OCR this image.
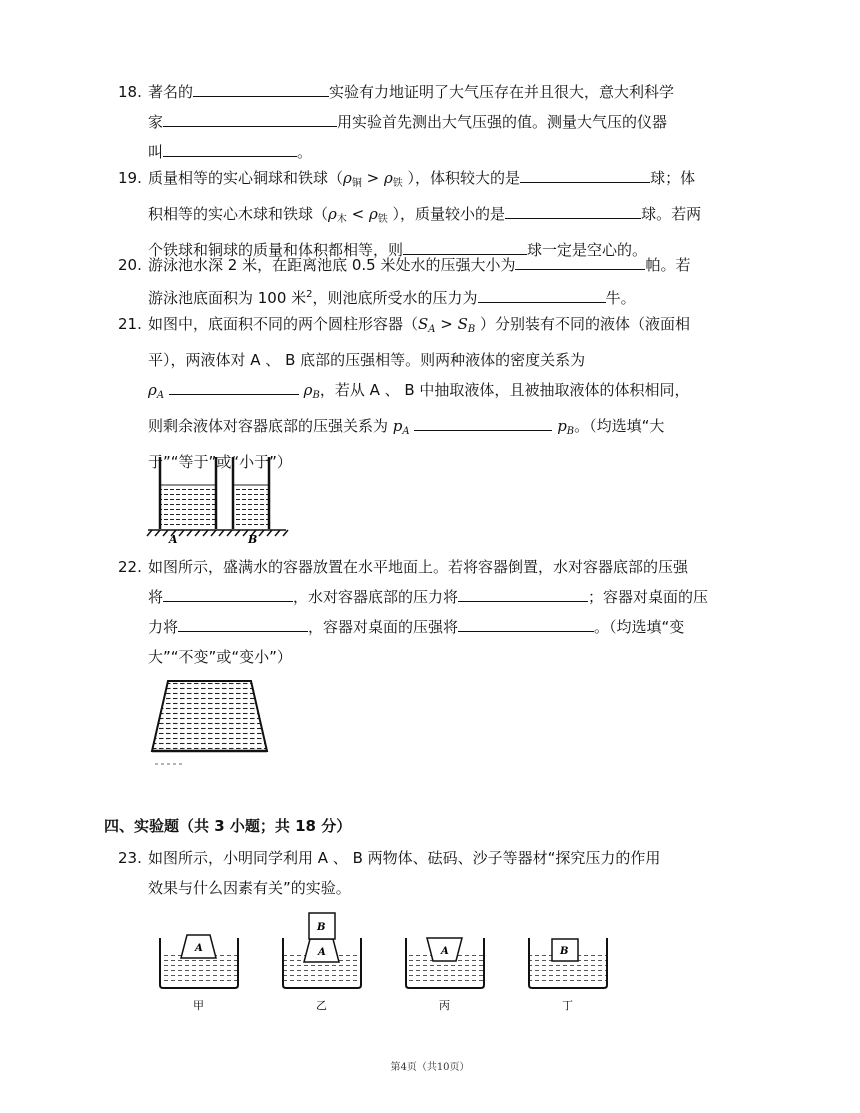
18. 著名的	实验有力地证明了大气压存在并且很大，意大利科学
家	用实验首先测出大气压强的值。测量大气压的仪器
叫	。
19. 质量相等的实心铜球和铁球（$\rho_铜 > \rho_铁$ ），体积较大的是	球；体
积相等的实心木球和铁球（$\rho_木 < \rho_铁$ ），质量较小的是	球。若两
个铁球和铜球的质量和体积都相等，则	球一定是空心的。
20. 游泳池水深 2 米，在距离池底 0.5 米处水的压强大小为	帕。若
游泳池底面积为 100 米$^2$，则池底所受水的压力为	牛。
21. 如图中，底面积不同的两个圆柱形容器（$S_A > S_B$ ）分别装有不同的液体（液面相
平），两液体对 A 、 B 底部的压强相等。则两种液体的密度关系为
$\rho_A$	$\rho_B$，若从 A 、 B 中抽取液体，且被抽取液体的体积相同，
则剩余液体对容器底部的压强关系为 $p_A$	$p_B$。（均选填“大
于”“等于”或“小于”）
A	B
22. 如图所示，盛满水的容器放置在水平地面上。若将容器倒置，水对容器底部的压强
将	，水对容器底部的压力将	；容器对桌面的压
力将	，容器对桌面的压强将	。（均选填“变
大”“不变”或“变小”）
四、实验题（共 3 小题；共 18 分）
23. 如图所示，小明同学利用 A 、 B 两物体、砝码、沙子等器材“探究压力的作用
效果与什么因素有关”的实验。
A
甲
A
B
乙
A
丙
B
丁
第4页（共10页）
